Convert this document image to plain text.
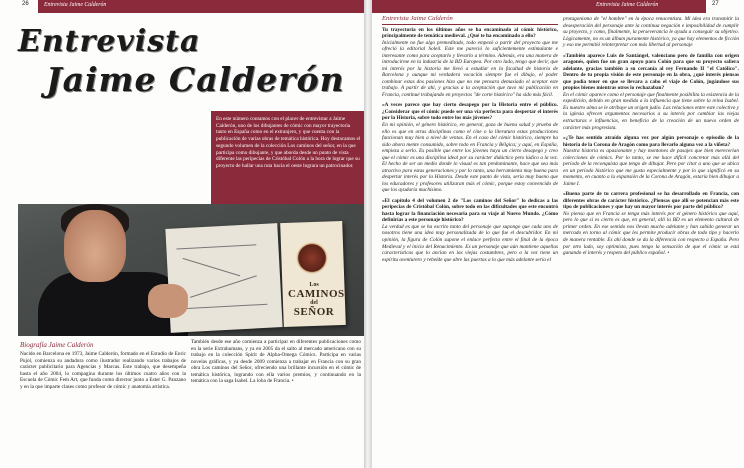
26	Entrevista Jaime Calderón
Entrevista
Jaime Calderón
Los
CAMINOS
del
SEÑOR
Entrevista Jaime Calderón	27
En este número contamos con el placer de entrevistar a Jaime Calderón, uno de los dibujantes de cómic con mayor trayectoria tanto en España como en el extranjero, y que cuenta con la publicación de varias obras de temática histórica. Hoy destacamos el segundo volumen de la colección Los caminos del señor, en la que participa como dibujante, y que aborda desde un punto de vista diferente las peripecias de Cristóbal Colón a la hora de lograr que su proyecto de hallar una ruta hacia el oeste lograra un patrocinador.
Biografía Jaime Calderón
Nacido en Barcelona en 1973, Jaime Calderón, formado en el Estudio de Enric Pujol, comienza su andadura como ilustrador realizando varios trabajos de carácter publicitario para Agencias y Marcas. Este trabajo, que desempeña hasta el año 2004, lo compagina durante los últimos cuatro años con la Escuela de Cómic Fem Art, que funda como director junto a Ester G. Panzano y en la que imparte clases como profesor de cómic y anatomía artística.
También desde ese año comienza a participar en diferentes publicaciones como en la serie Extrahumans, y ya en 2005 da el salto al mercado americano con su trabajo en la colección Spirit de Alpha-Omega Cómics. Participa en varias novelas gráficas, y ya desde 2009 comienza a trabajar en Francia con su gran obra Los caminos del Señor, ofreciendo una brillante incursión en el cómic de temática histórica, logrando con ella varios premios, y continuando en la temática con la saga Isabel. La loba de Francia. •
Entrevista Jaime Calderón
Tu trayectoria en los últimos años se ha encaminado al cómic histórico, principalmente de temática medieval. ¿Qué te ha encaminado a ello?
Inicialmente no fue algo premeditado, todo empezó a partir del proyecto que me ofreció la editorial Soleil. Este me pareció lo suficientemente estimulante e interesante como para aceptarlo y llevarlo a término. Además, era una manera de introducirme en la industria de la BD Europea. Por otro lado, tengo que decir, que mi interés por la historia me llevó a estudiar en la facultad de historia de Barcelona y aunque mi verdadera vocación siempre fue el dibujo, el poder combinar estas dos pasiones hizo que no me pensara demasiado el aceptar este trabajo. A partir de ahí, y gracias a la aceptación que tuvo mi publicación en Francia, continué trabajando en proyectos "de corte histórico" ha sido más fácil.
«A veces parece que hay cierto desapego por la Historia entre el público. ¿Considerar que el cómic puede ser una vía perfecta para despertar el interés por la Historia, sobre todo entre los más jóvenes?
En mi opinión, el género histórico, en general, goza de buena salud y prueba de ello es que en otras disciplinas como el cine o la literatura estas producciones funcionan muy bien a nivel de ventas. En el caso del cómic histórico, siempre ha sido ahora mente consumido, sobre todo en Francia y Bélgica; y aquí, en España, empieza a serlo. Es posible que entre los jóvenes haya un cierto desapego y creo que el cómic es una disciplina ideal por su carácter didáctico pero lúdico a la vez. El hecho de ser un medio donde lo visual es tan predominante, hace que sea más atractivo para estas generaciones y por lo tanto, una herramienta muy buena para despertar interés por la Historia. Desde este punto de vista, sería muy bueno que los educadores y profesores utilizaran más el cómic, porque estoy convencido de que los ayudaría muchísimo.
«El capítulo 4 del volumen 2 de "Los caminos del Señor" lo dedicas a las peripecias de Cristóbal Colón, sobre todo en las dificultades que este encontró hasta lograr la financiación necesaria para su viaje al Nuevo Mundo. ¿Cómo definirías a este personaje histórico?
La verdad es que se ha escrito tanto del personaje que supongo que cada uno de nosotros tiene una idea muy personalizada de lo que fue el descubridor. En mi opinión, la figura de Colón supone el enlace perfecto entre el final de la época Medieval y el inicio del Renacimiento. Es un personaje que aún mantiene aquellas características que lo anclan en las viejas costumbres, pero a la vez tiene un espíritu aventurero y rebelde que abre las puertas a lo que más adelante sería el
protagonismo de "el hombre" en la época renacentista. Mi idea era transmitir la desesperación del personaje ante la continua negación e imposibilidad de cumplir su proyecto, y como, finalmente, la perseverancia le ayuda a conseguir su objetivo. Lógicamente, no es un álbum puramente histórico, ya que hay elementos de ficción y eso me permitió reinterpretar con más libertad al personaje
«También aparece Luis de Santángel, valenciano pero de familia con origen aragonés, quien fue un gran apoyo para Colón para que su proyecto saliera adelante, gracias también a su cercanía al rey Fernando II "el Católico". Dentro de tu propia visión de este personaje en la obra, ¿qué interés piensas que podía tener en que se llevara a cabo el viaje de Colón, jugándose sus propios bienes mientras otros lo rechazaban?
En el cómic aparece como el personaje que finalmente posibilita la existencia de la expedición, debido en gran medida a la influencia que tiene sobre la reina Isabel. Es nuestro alma se le atribuye un origen judío. Las relaciones entre este colectivo y la iglesia ofrecen argumentos necesarios a su interés por cambiar las viejas estructuras e influencias, en beneficio de la creación de un nuevo orden de carácter más progresista.
«¿Te has sentido atraído alguna vez por algún personaje o episodio de la historia de la Corona de Aragón como para llevarlo alguna vez a la viñeta?
Nuestra historia es apasionante y hay montones de pasajes que bien merecerían colecciones de cómics. Por lo tanto, se me hace difícil concretar más allá del período de la reconquista que tengo de dibujar. Pero por citar a uno que se ubica en un período histórico que me gusta especialmente y por lo que significó en su momento, en cuanto a la expansión de la Corona de Aragón, estaría bien dibujar a Jaime I.
«Buena parte de tu carrera profesional se ha desarrollado en Francia, con diferentes obras de carácter histórico. ¿Piensas que allí se potencian más este tipo de publicaciones y que hay un mayor interés por parte del público?
No pienso que en Francia se tenga más interés por el género histórico que aquí, pero lo que sí es cierto es que, en general, allí la BD es un elemento cultural de primer orden. En ese sentido nos llevan mucho adelante y han sabido generar un mercado en torno al cómic que les permite producir obras de todo tipo y hacerlo de manera rentable. Es ahí donde se da la diferencia con respecto a España. Pero por otro lado, soy optimista, pues tengo la sensación de que el cómic se está ganando el interés y respeto del público español. •
